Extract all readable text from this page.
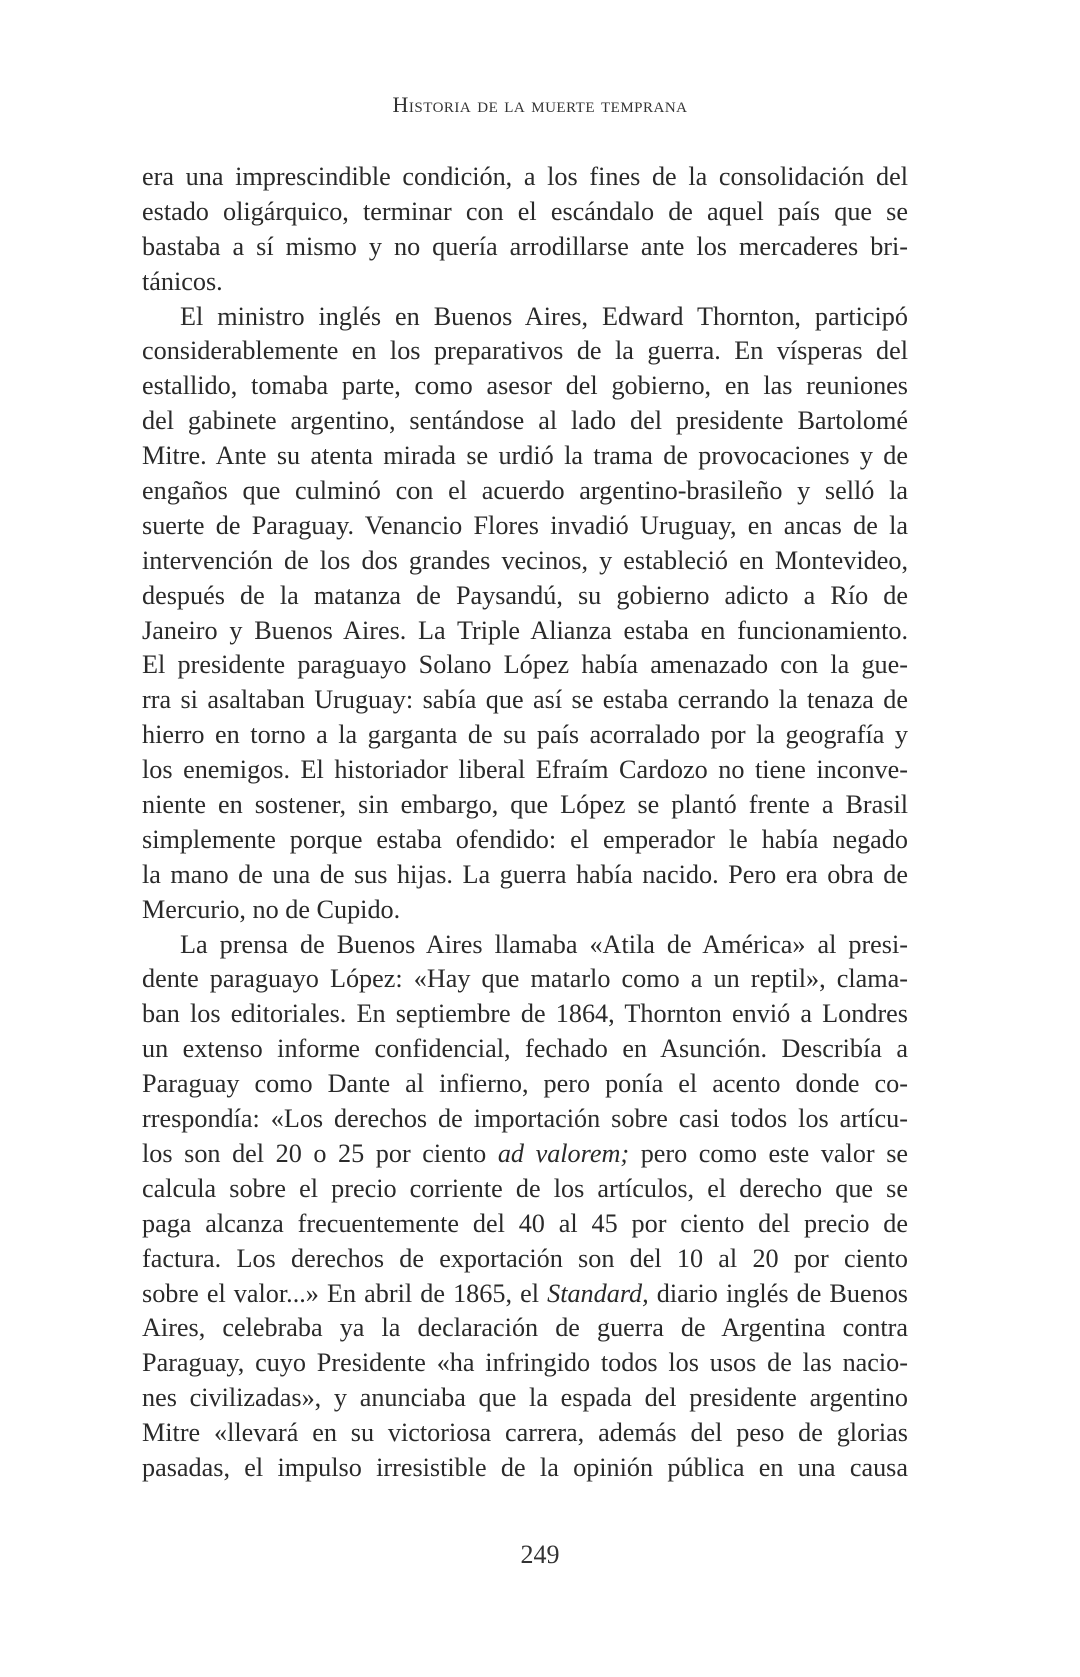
Historia de la muerte temprana
era una imprescindible condición, a los fines de la consolidación del
estado oligárquico, terminar con el escándalo de aquel país que se
bastaba a sí mismo y no quería arrodillarse ante los mercaderes bri-
tánicos.
El ministro inglés en Buenos Aires, Edward Thornton, participó
considerablemente en los preparativos de la guerra. En vísperas del
estallido, tomaba parte, como asesor del gobierno, en las reuniones
del gabinete argentino, sentándose al lado del presidente Bartolomé
Mitre. Ante su atenta mirada se urdió la trama de provocaciones y de
engaños que culminó con el acuerdo argentino-brasileño y selló la
suerte de Paraguay. Venancio Flores invadió Uruguay, en ancas de la
intervención de los dos grandes vecinos, y estableció en Montevideo,
después de la matanza de Paysandú, su gobierno adicto a Río de
Janeiro y Buenos Aires. La Triple Alianza estaba en funcionamiento.
El presidente paraguayo Solano López había amenazado con la gue-
rra si asaltaban Uruguay: sabía que así se estaba cerrando la tenaza de
hierro en torno a la garganta de su país acorralado por la geografía y
los enemigos. El historiador liberal Efraím Cardozo no tiene inconve-
niente en sostener, sin embargo, que López se plantó frente a Brasil
simplemente porque estaba ofendido: el emperador le había negado
la mano de una de sus hijas. La guerra había nacido. Pero era obra de
Mercurio, no de Cupido.
La prensa de Buenos Aires llamaba «Atila de América» al presi-
dente paraguayo López: «Hay que matarlo como a un reptil», clama-
ban los editoriales. En septiembre de 1864, Thornton envió a Londres
un extenso informe confidencial, fechado en Asunción. Describía a
Paraguay como Dante al infierno, pero ponía el acento donde co-
rrespondía: «Los derechos de importación sobre casi todos los artícu-
los son del 20 o 25 por ciento ad valorem; pero como este valor se
calcula sobre el precio corriente de los artículos, el derecho que se
paga alcanza frecuentemente del 40 al 45 por ciento del precio de
factura. Los derechos de exportación son del 10 al 20 por ciento
sobre el valor...» En abril de 1865, el Standard, diario inglés de Buenos
Aires, celebraba ya la declaración de guerra de Argentina contra
Paraguay, cuyo Presidente «ha infringido todos los usos de las nacio-
nes civilizadas», y anunciaba que la espada del presidente argentino
Mitre «llevará en su victoriosa carrera, además del peso de glorias
pasadas, el impulso irresistible de la opinión pública en una causa
249
